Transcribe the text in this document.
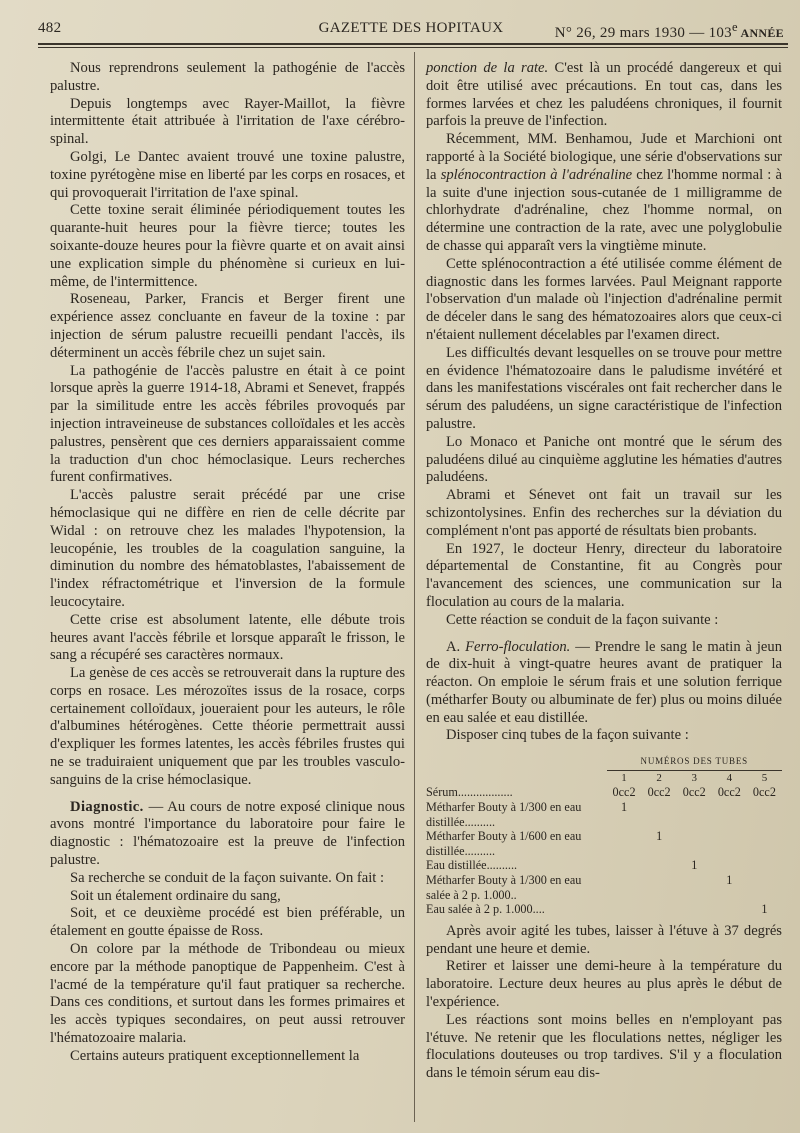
482	GAZETTE DES HOPITAUX	N° 26, 29 mars 1930 — 103e ANNÉE

Nous reprendrons seulement la pathogénie de l'accès palustre.

Depuis longtemps avec Rayer-Maillot, la fièvre intermittente était attribuée à l'irritation de l'axe cérébro-spinal.

Golgi, Le Dantec avaient trouvé une toxine palustre, toxine pyrétogène mise en liberté par les corps en rosaces, et qui provoquerait l'irritation de l'axe spinal.

Cette toxine serait éliminée périodiquement toutes les quarante-huit heures pour la fièvre tierce; toutes les soixante-douze heures pour la fièvre quarte et on avait ainsi une explication simple du phénomène si curieux en lui-même, de l'intermittence.

Roseneau, Parker, Francis et Berger firent une expérience assez concluante en faveur de la toxine : par injection de sérum palustre recueilli pendant l'accès, ils déterminent un accès fébrile chez un sujet sain.

La pathogénie de l'accès palustre en était à ce point lorsque après la guerre 1914-18, Abrami et Senevet, frappés par la similitude entre les accès fébriles provoqués par injection intraveineuse de substances colloïdales et les accès palustres, pensèrent que ces derniers apparaissaient comme la traduction d'un choc hémoclasique. Leurs recherches furent confirmatives.

L'accès palustre serait précédé par une crise hémoclasique qui ne diffère en rien de celle décrite par Widal : on retrouve chez les malades l'hypotension, la leucopénie, les troubles de la coagulation sanguine, la diminution du nombre des hématoblastes, l'abaissement de l'index réfractométrique et l'inversion de la formule leucocytaire.

Cette crise est absolument latente, elle débute trois heures avant l'accès fébrile et lorsque apparaît le frisson, le sang a récupéré ses caractères normaux.

La genèse de ces accès se retrouverait dans la rupture des corps en rosace. Les mérozoïtes issus de la rosace, corps certainement colloïdaux, joueraient pour les auteurs, le rôle d'albumines hétérogènes. Cette théorie permettrait aussi d'expliquer les formes latentes, les accès fébriles frustes qui ne se traduiraient uniquement que par les troubles vasculo-sanguins de la crise hémoclasique.

Diagnostic. — Au cours de notre exposé clinique nous avons montré l'importance du laboratoire pour faire le diagnostic : l'hématozoaire est la preuve de l'infection palustre.

Sa recherche se conduit de la façon suivante. On fait :

Soit un étalement ordinaire du sang,

Soit, et ce deuxième procédé est bien préférable, un étalement en goutte épaisse de Ross.

On colore par la méthode de Tribondeau ou mieux encore par la méthode panoptique de Pappenheim. C'est à l'acmé de la température qu'il faut pratiquer sa recherche. Dans ces conditions, et surtout dans les formes primaires et les accès typiques secondaires, on peut aussi retrouver l'hématozoaire malaria.

Certains auteurs pratiquent exceptionnellement la

ponction de la rate. C'est là un procédé dangereux et qui doit être utilisé avec précautions. En tout cas, dans les formes larvées et chez les paludéens chroniques, il fournit parfois la preuve de l'infection.

Récemment, MM. Benhamou, Jude et Marchioni ont rapporté à la Société biologique, une série d'observations sur la splénocontraction à l'adrénaline chez l'homme normal : à la suite d'une injection sous-cutanée de 1 milligramme de chlorhydrate d'adrénaline, chez l'homme normal, on détermine une contraction de la rate, avec une polyglobulie de chasse qui apparaît vers la vingtième minute.

Cette splénocontraction a été utilisée comme élément de diagnostic dans les formes larvées. Paul Meignant rapporte l'observation d'un malade où l'injection d'adrénaline permit de déceler dans le sang des hématozoaires alors que ceux-ci n'étaient nullement décelables par l'examen direct.

Les difficultés devant lesquelles on se trouve pour mettre en évidence l'hématozoaire dans le paludisme invétéré et dans les manifestations viscérales ont fait rechercher dans le sérum des paludéens, un signe caractéristique de l'infection palustre.

Lo Monaco et Paniche ont montré que le sérum des paludéens dilué au cinquième agglutine les hématies d'autres paludéens.

Abrami et Sénevet ont fait un travail sur les schizontolysines. Enfin des recherches sur la déviation du complément n'ont pas apporté de résultats bien probants.

En 1927, le docteur Henry, directeur du laboratoire départemental de Constantine, fit au Congrès pour l'avancement des sciences, une communication sur la floculation au cours de la malaria.

Cette réaction se conduit de la façon suivante :

A. Ferro-floculation. — Prendre le sang le matin à jeun de dix-huit à vingt-quatre heures avant de pratiquer la réacton. On emploie le sérum frais et une solution ferrique (métharfer Bouty ou albuminate de fer) plus ou moins diluée en eau salée et eau distillée.

Disposer cinq tubes de la façon suivante :

	NUMÉROS DES TUBES				
	1	2	3	4	5
Sérum..................	0cc2	0cc2	0cc2	0cc2	0cc2
Métharfer Bouty à 1/300 en eau distillée..........	1				
Métharfer Bouty à 1/600 en eau distillée..........		1			
Eau distillée..........			1		
Métharfer Bouty à 1/300 en eau salée à 2 p. 1.000..				1	
Eau salée à 2 p. 1.000....					1

Après avoir agité les tubes, laisser à l'étuve à 37 degrés pendant une heure et demie.

Retirer et laisser une demi-heure à la température du laboratoire. Lecture deux heures au plus après le début de l'expérience.

Les réactions sont moins belles en n'employant pas l'étuve. Ne retenir que les floculations nettes, négliger les floculations douteuses ou trop tardives. S'il y a floculation dans le témoin sérum eau dis-
